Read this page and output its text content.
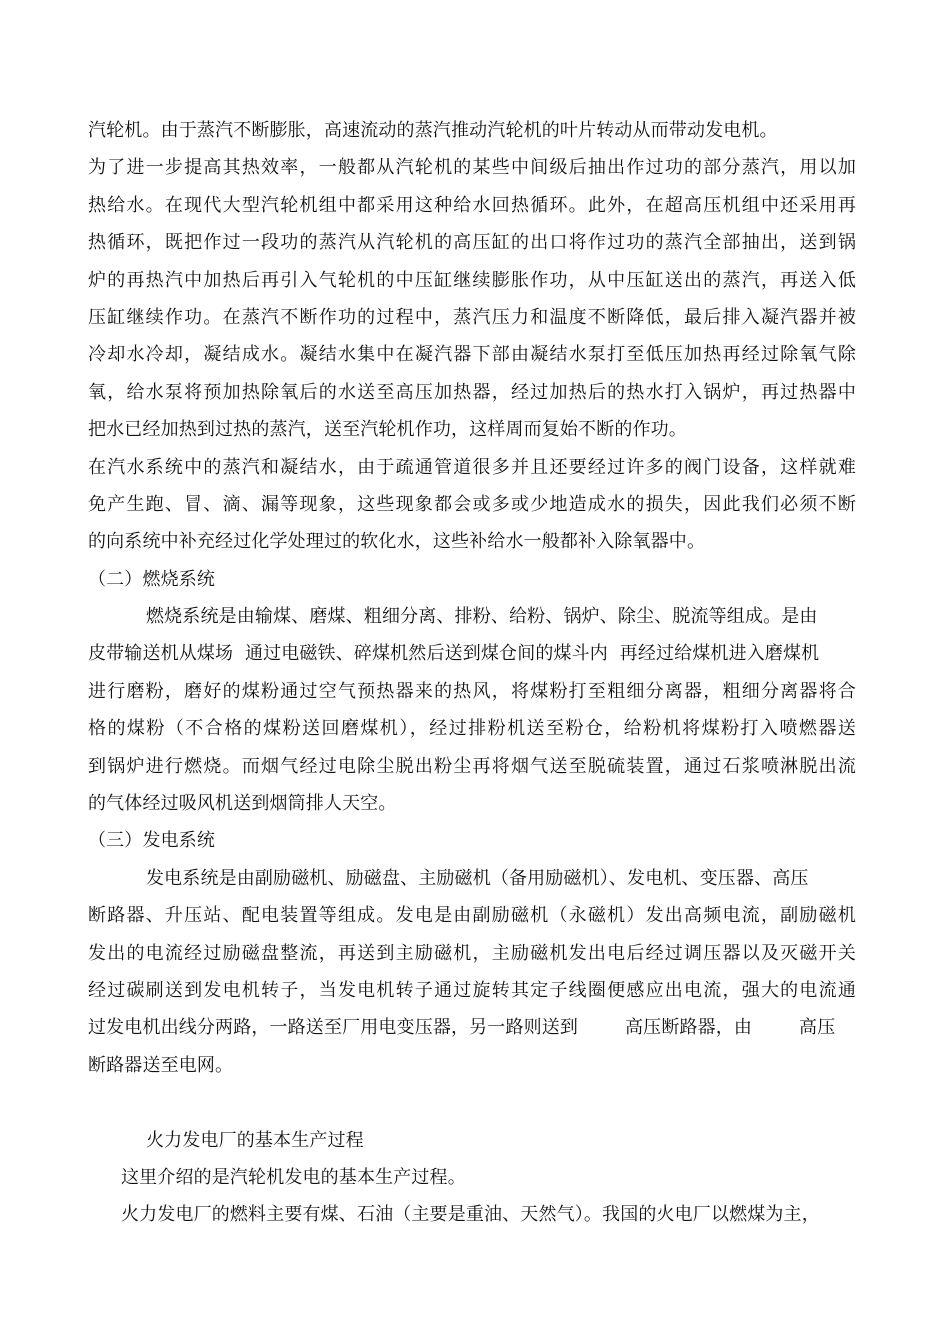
汽轮机。由于蒸汽不断膨胀，高速流动的蒸汽推动汽轮机的叶片转动从而带动发电机。
为了进一步提高其热效率，一般都从汽轮机的某些中间级后抽出作过功的部分蒸汽，用以加
热给水。在现代大型汽轮机组中都采用这种给水回热循环。此外，在超高压机组中还采用再
热循环，既把作过一段功的蒸汽从汽轮机的高压缸的出口将作过功的蒸汽全部抽出，送到锅
炉的再热汽中加热后再引入气轮机的中压缸继续膨胀作功，从中压缸送出的蒸汽，再送入低
压缸继续作功。在蒸汽不断作功的过程中，蒸汽压力和温度不断降低，最后排入凝汽器并被
冷却水冷却，凝结成水。凝结水集中在凝汽器下部由凝结水泵打至低压加热再经过除氧气除
氧，给水泵将预加热除氧后的水送至高压加热器，经过加热后的热水打入锅炉，再过热器中
把水已经加热到过热的蒸汽，送至汽轮机作功，这样周而复始不断的作功。
在汽水系统中的蒸汽和凝结水，由于疏通管道很多并且还要经过许多的阀门设备，这样就难
免产生跑、冒、滴、漏等现象，这些现象都会或多或少地造成水的损失，因此我们必须不断
的向系统中补充经过化学处理过的软化水，这些补给水一般都补入除氧器中。
（二）燃烧系统
燃烧系统是由输煤、磨煤、粗细分离、排粉、给粉、锅炉、除尘、脱流等组成。是由
皮带输送机从煤场  通过电磁铁、碎煤机然后送到煤仓间的煤斗内  再经过给煤机进入磨煤机
进行磨粉，磨好的煤粉通过空气预热器来的热风，将煤粉打至粗细分离器，粗细分离器将合
格的煤粉（不合格的煤粉送回磨煤机），经过排粉机送至粉仓，给粉机将煤粉打入喷燃器送
到锅炉进行燃烧。而烟气经过电除尘脱出粉尘再将烟气送至脱硫装置，通过石浆喷淋脱出流
的气体经过吸风机送到烟筒排人天空。
（三）发电系统
发电系统是由副励磁机、励磁盘、主励磁机（备用励磁机）、发电机、变压器、高压
断路器、升压站、配电装置等组成。发电是由副励磁机（永磁机）发出高频电流，副励磁机
发出的电流经过励磁盘整流，再送到主励磁机，主励磁机发出电后经过调压器以及灭磁开关
经过碳刷送到发电机转子，当发电机转子通过旋转其定子线圈便感应出电流，强大的电流通
过发电机出线分两路，一路送至厂用电变压器，另一路则送到        高压断路器，由        高压
断路器送至电网。
火力发电厂的基本生产过程
这里介绍的是汽轮机发电的基本生产过程。
火力发电厂的燃料主要有煤、石油（主要是重油、天然气）。我国的火电厂以燃煤为主，
